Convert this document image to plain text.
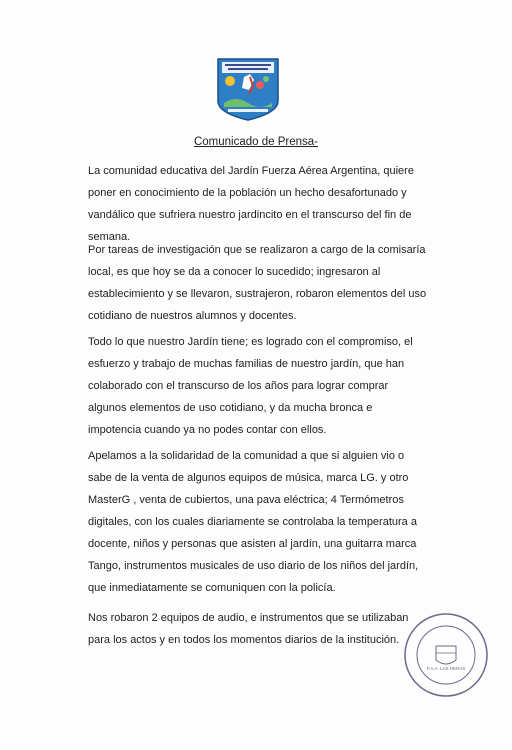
Comunicado de Prensa-
La comunidad educativa del Jardín Fuerza Aérea Argentina, quiere poner en conocimiento de la población un hecho desafortunado y vandálico que sufriera nuestro jardincito en el transcurso del fin de semana.
Por tareas de investigación que se realizaron a cargo de la comisaría local, es que hoy se da a conocer lo sucedido; ingresaron al establecimiento y se llevaron, sustrajeron, robaron elementos del uso cotidiano de nuestros alumnos y docentes.
Todo lo que nuestro Jardín tiene; es logrado con el compromiso, el esfuerzo y trabajo de muchas familias de nuestro jardín, que han colaborado con el transcurso de los años para lograr comprar algunos elementos de uso cotidiano, y da mucha bronca e impotencia cuando ya no podes contar con ellos.
Apelamos a la solidaridad de la comunidad a que si alguien vio o sabe de la venta de algunos equipos de música, marca LG. y otro MasterG , venta de cubiertos, una pava eléctrica; 4 Termómetros digitales, con los cuales diariamente se controlaba la temperatura a docente, niños y personas que asisten al jardín, una guitarra marca Tango, instrumentos musicales de uso diario de los niños del jardín, que inmediatamente se comuniquen con la policía.
Nos robaron 2 equipos de audio, e instrumentos que se utilizaban para los actos y en todos los momentos diarios de la institución.
F.A.A. LAS HERAS
